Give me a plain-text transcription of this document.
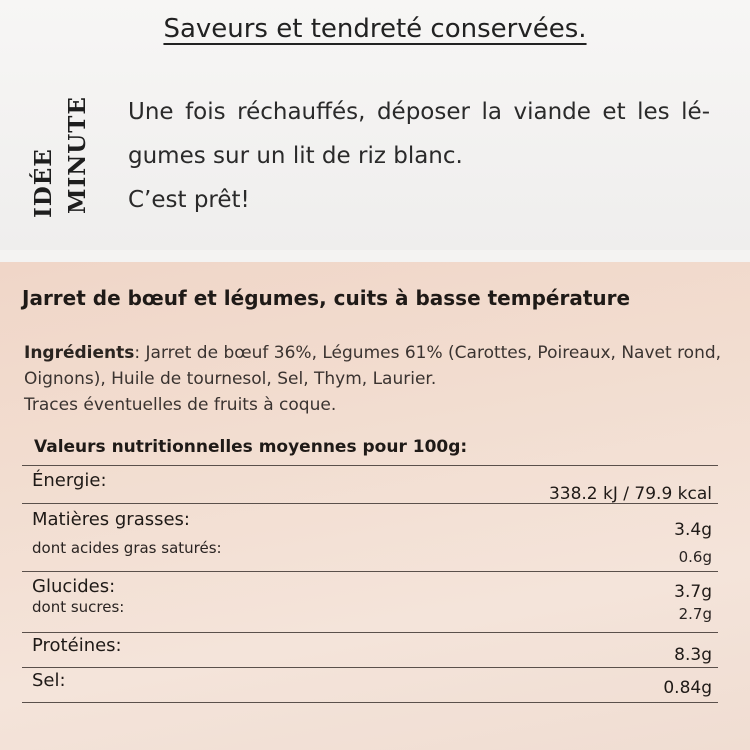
Saveurs et tendreté conservées.
IDÉE MINUTE Une fois réchauffés, déposer la viande et les lé-

gumes sur un lit de riz blanc.

C’est prêt!

Jarret de bœuf et légumes, cuits à basse température
Ingrédients: Jarret de bœuf 36%, Légumes 61% (Carottes, Poireaux, Navet rond, Oignons), Huile de tournesol, Sel, Thym, Laurier.
Traces éventuelles de fruits à coque.
Valeurs nutritionnelles moyennes pour 100g:
Énergie:
338.2 kJ / 79.9 kcal
Matières grasses:	3.4g
dont acides gras saturés:	0.6g
Glucides:	3.7g
dont sucres:	2.7g
Protéines:	8.3g
Sel:	0.84g
